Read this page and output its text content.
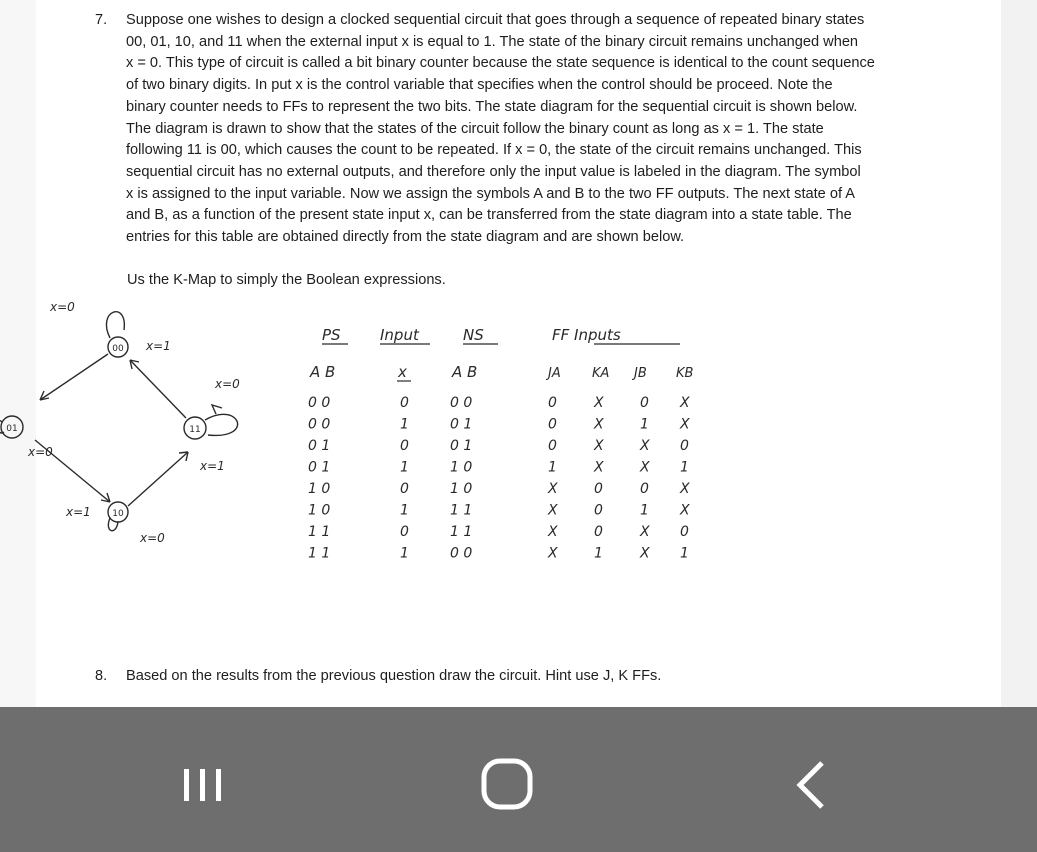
7. Suppose one wishes to design a clocked sequential circuit that goes through a sequence of repeated binary states
00, 01, 10, and 11 when the external input x is equal to 1. The state of the binary circuit remains unchanged when
x = 0. This type of circuit is called a bit binary counter because the state sequence is identical to the count sequence
of two binary digits. In put x is the control variable that specifies when the control should be proceed. Note the
binary counter needs to FFs to represent the two bits. The state diagram for the sequential circuit is shown below.
The diagram is drawn to show that the states of the circuit follow the binary count as long as x = 1. The state
following 11 is 00, which causes the count to be repeated. If x = 0, the state of the circuit remains unchanged. This
sequential circuit has no external outputs, and therefore only the input value is labeled in the diagram. The symbol
x is assigned to the input variable. Now we assign the symbols A and B to the two FF outputs. The next state of A
and B, as a function of the present state input x, can be transferred from the state diagram into a state table. The
entries for this table are obtained directly from the state diagram and are shown below.
Us the K-Map to simply the Boolean expressions.
00
01	11
10
x=0
x=1
x=0
x=0
x=1
x=1
x=0
PS	Input	NS	FF Inputs
A B	x	A B	JA KA JB KB
0 0	0	0 0	0	X	0 X
0 0	1	0 1	0	X	1 X
0 1	0	0 1	0	X	X 0
0 1	1	1 0	1	X	X 1
1 0	0	1 0	X	0	0 X
1 0	1	1 1	X	0	1 X
1 1	0	1 1	X	0	X 0
1 1	1	0 0	X	1	X 1
8. Based on the results from the previous question draw the circuit. Hint use J, K FFs.
